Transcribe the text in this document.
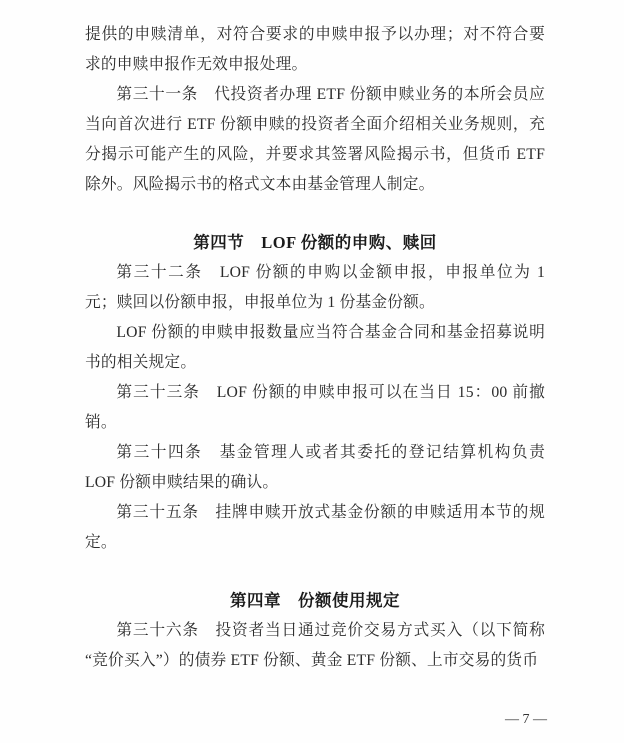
提供的申赎清单，对符合要求的申赎申报予以办理；对不符合要求的申赎申报作无效申报处理。

第三十一条　代投资者办理 ETF 份额申赎业务的本所会员应当向首次进行 ETF 份额申赎的投资者全面介绍相关业务规则，充分揭示可能产生的风险，并要求其签署风险揭示书，但货币 ETF 除外。风险揭示书的格式文本由基金管理人制定。

第四节　LOF 份额的申购、赎回

第三十二条　LOF 份额的申购以金额申报，申报单位为 1 元；赎回以份额申报，申报单位为 1 份基金份额。

LOF 份额的申赎申报数量应当符合基金合同和基金招募说明书的相关规定。

第三十三条　LOF 份额的申赎申报可以在当日 15：00 前撤销。

第三十四条　基金管理人或者其委托的登记结算机构负责 LOF 份额申赎结果的确认。

第三十五条　挂牌申赎开放式基金份额的申赎适用本节的规定。

第四章　份额使用规定

第三十六条　投资者当日通过竞价交易方式买入（以下简称“竞价买入”）的债券 ETF 份额、黄金 ETF 份额、上市交易的货币

— 7 —
